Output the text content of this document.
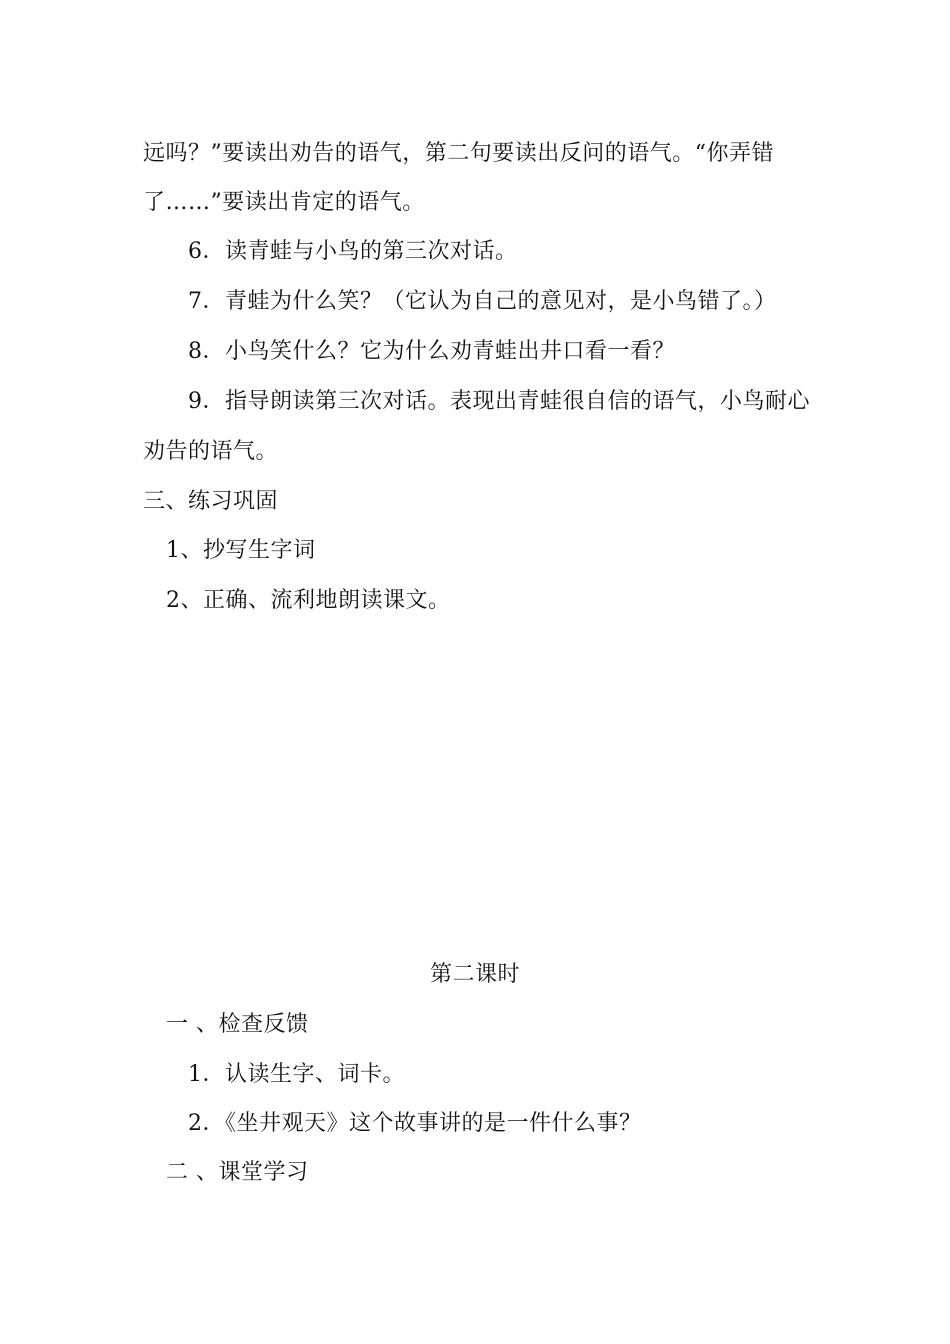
远吗？”要读出劝告的语气，第二句要读出反问的语气。“你弄错
了……”要读出肯定的语气。
6．读青蛙与小鸟的第三次对话。
7．青蛙为什么笑？（它认为自己的意见对，是小鸟错了。）
8．小鸟笑什么？它为什么劝青蛙出井口看一看？
9．指导朗读第三次对话。表现出青蛙很自信的语气，小鸟耐心
劝告的语气。
三、练习巩固
1、抄写生字词
2、正确、流利地朗读课文。
第二课时
一 、检查反馈
1．认读生字、词卡。
2．《坐井观天》这个故事讲的是一件什么事？
二 、课堂学习
